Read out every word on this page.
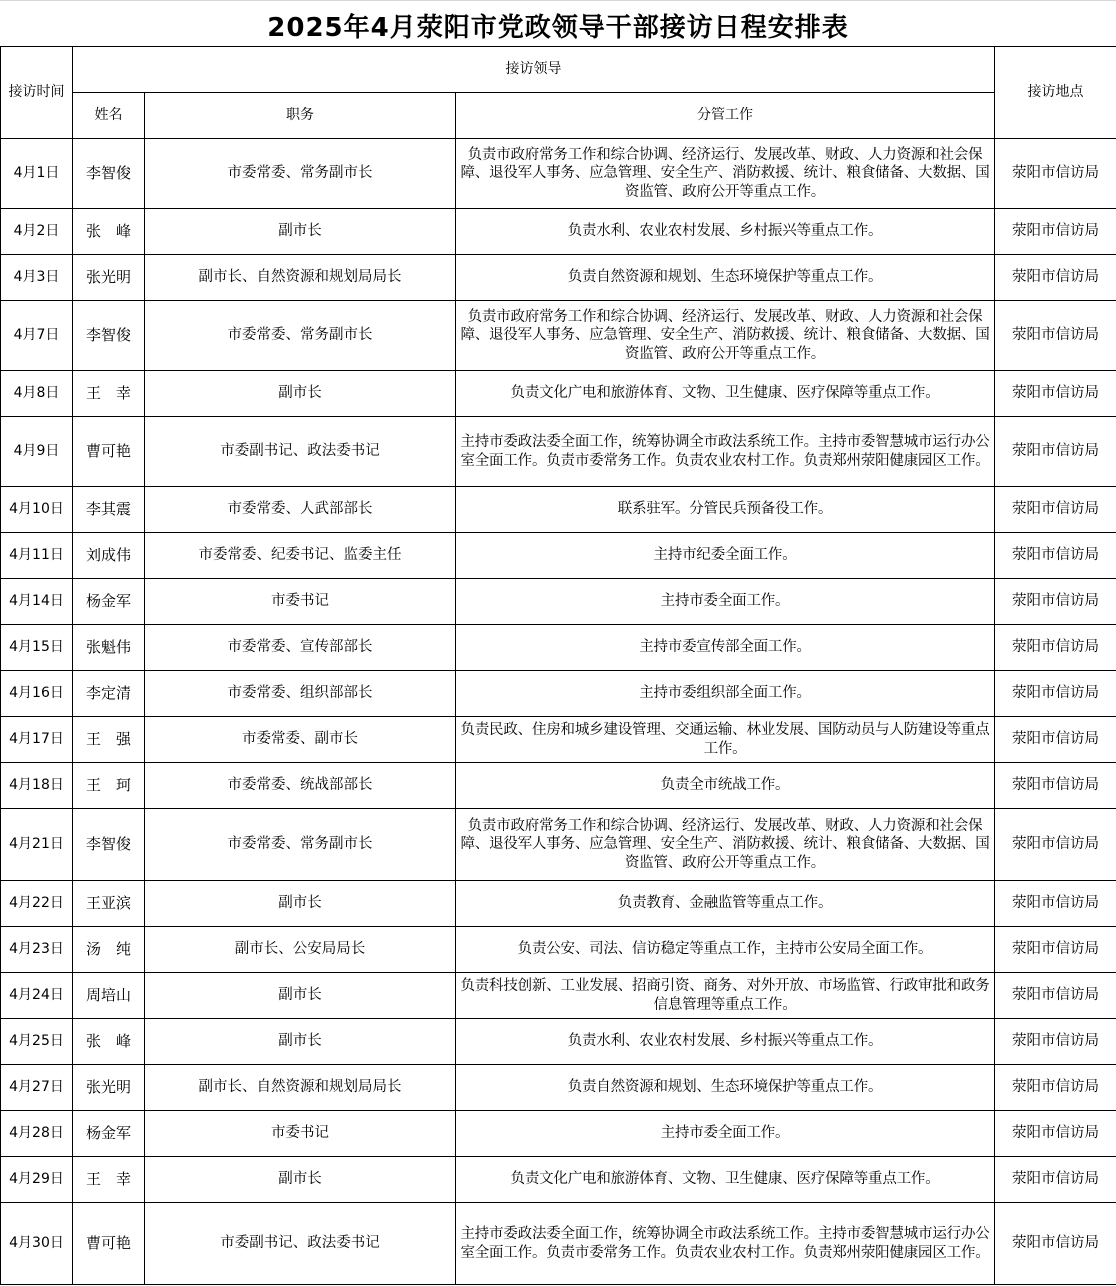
2025年4月荥阳市党政领导干部接访日程安排表
接访时间	接访领导			接访地点
	姓名	职务	分管工作	
4月1日	李智俊	市委常委、常务副市长	负责市政府常务工作和综合协调、经济运行、发展改革、财政、人力资源和社会保障、退役军人事务、应急管理、安全生产、消防救援、统计、粮食储备、大数据、国资监管、政府公开等重点工作。	荥阳市信访局
4月2日	张　峰	副市长	负责水利、农业农村发展、乡村振兴等重点工作。	荥阳市信访局
4月3日	张光明	副市长、自然资源和规划局局长	负责自然资源和规划、生态环境保护等重点工作。	荥阳市信访局
4月7日	李智俊	市委常委、常务副市长	负责市政府常务工作和综合协调、经济运行、发展改革、财政、人力资源和社会保障、退役军人事务、应急管理、安全生产、消防救援、统计、粮食储备、大数据、国资监管、政府公开等重点工作。	荥阳市信访局
4月8日	王　幸	副市长	负责文化广电和旅游体育、文物、卫生健康、医疗保障等重点工作。	荥阳市信访局
4月9日	曹可艳	市委副书记、政法委书记	主持市委政法委全面工作，统筹协调全市政法系统工作。主持市委智慧城市运行办公室全面工作。负责市委常务工作。负责农业农村工作。负责郑州荥阳健康园区工作。	荥阳市信访局
4月10日	李其震	市委常委、人武部部长	联系驻军。分管民兵预备役工作。	荥阳市信访局
4月11日	刘成伟	市委常委、纪委书记、监委主任	主持市纪委全面工作。	荥阳市信访局
4月14日	杨金军	市委书记	主持市委全面工作。	荥阳市信访局
4月15日	张魁伟	市委常委、宣传部部长	主持市委宣传部全面工作。	荥阳市信访局
4月16日	李定清	市委常委、组织部部长	主持市委组织部全面工作。	荥阳市信访局
4月17日	王　强	市委常委、副市长	负责民政、住房和城乡建设管理、交通运输、林业发展、国防动员与人防建设等重点工作。	荥阳市信访局
4月18日	王　珂	市委常委、统战部部长	负责全市统战工作。	荥阳市信访局
4月21日	李智俊	市委常委、常务副市长	负责市政府常务工作和综合协调、经济运行、发展改革、财政、人力资源和社会保障、退役军人事务、应急管理、安全生产、消防救援、统计、粮食储备、大数据、国资监管、政府公开等重点工作。	荥阳市信访局
4月22日	王亚滨	副市长	负责教育、金融监管等重点工作。	荥阳市信访局
4月23日	汤　纯	副市长、公安局局长	负责公安、司法、信访稳定等重点工作，主持市公安局全面工作。	荥阳市信访局
4月24日	周培山	副市长	负责科技创新、工业发展、招商引资、商务、对外开放、市场监管、行政审批和政务信息管理等重点工作。	荥阳市信访局
4月25日	张　峰	副市长	负责水利、农业农村发展、乡村振兴等重点工作。	荥阳市信访局
4月27日	张光明	副市长、自然资源和规划局局长	负责自然资源和规划、生态环境保护等重点工作。	荥阳市信访局
4月28日	杨金军	市委书记	主持市委全面工作。	荥阳市信访局
4月29日	王　幸	副市长	负责文化广电和旅游体育、文物、卫生健康、医疗保障等重点工作。	荥阳市信访局
4月30日	曹可艳	市委副书记、政法委书记	主持市委政法委全面工作，统筹协调全市政法系统工作。主持市委智慧城市运行办公室全面工作。负责市委常务工作。负责农业农村工作。负责郑州荥阳健康园区工作。	荥阳市信访局
